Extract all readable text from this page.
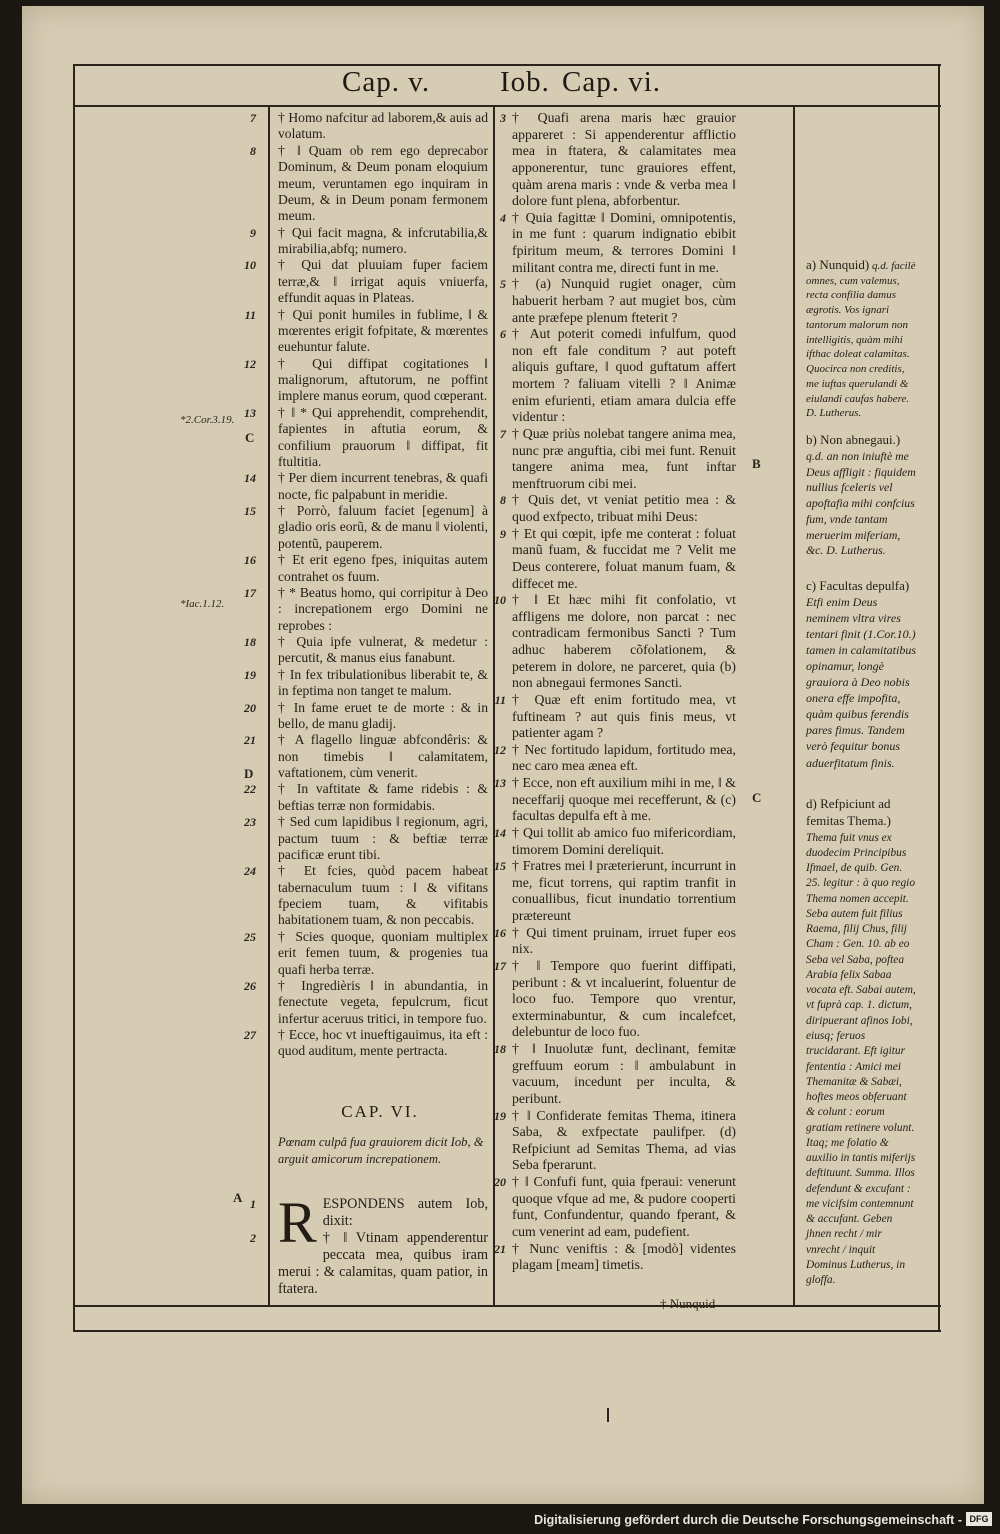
Cap. v. Iob. Cap. vi.
C
D
A
B
C
*2.Cor.3.19.
*Iac.1.12.
7 † Homo nafcitur ad laborem,& auis ad volatum.
8 † ‖ Quam ob rem ego deprecabor Dominum, & Deum ponam eloquium meum, veruntamen ego inquiram in Deum, & in Deum ponam fermonem meum.
9 † Qui facit magna, & infcrutabilia,& mirabilia,abfq; numero.
10 † Qui dat pluuiam fuper faciem terræ,& ‖ irrigat aquis vniuerfa, effundit aquas in Plateas.
11 † Qui ponit humiles in fublime, ‖ & mœrentes erigit fofpitate, & mœrentes euehuntur falute.
12 † Qui diffipat cogitationes ‖ malignorum, aftutorum, ne poffint implere manus eorum, quod cœperant.
13 † ‖ * Qui apprehendit, comprehendit, fapientes in aftutia eorum, & confilium prauorum ‖ diffipat, fit ftultitia.
14 † Per diem incurrent tenebras, & quafi nocte, fic palpabunt in meridie.
15 † Porrò, faluum faciet [egenum] à gladio oris eorũ, & de manu ‖ violenti, potentũ, pauperem.
16 † Et erit egeno fpes, iniquitas autem contrahet os fuum.
17 † * Beatus homo, qui corripitur à Deo : increpationem ergo Domini ne reprobes :
18 † Quia ipfe vulnerat, & medetur : percutit, & manus eius fanabunt.
19 † In fex tribulationibus liberabit te, & in feptima non tanget te malum.
20 † In fame eruet te de morte : & in bello, de manu gladij.
21 † A flagello linguæ abfcondêris: & non timebis ‖ calamitatem, vaftationem, cùm venerit.
22 † In vaftitate & fame ridebis : & beftias terræ non formidabis.
23 † Sed cum lapidibus ‖ regionum, agri, pactum tuum : & beftiæ terræ pacificæ erunt tibi.
24 † Et fcies, quòd pacem habeat tabernaculum tuum : ‖ & vifitans fpeciem tuam, & vifitabis habitationem tuam, & non peccabis.
25 † Scies quoque, quoniam multiplex erit femen tuum, & progenies tua quafi herba terræ.
26 † Ingredièris ‖ in abundantia, in fenectute vegeta, fepulcrum, ficut infertur aceruus tritici, in tempore fuo.
27 † Ecce, hoc vt inueftigauimus, ita eft : quod auditum, mente pertracta.
CAP. VI.
Pœnam culpâ fua grauiorem dicit Iob, & arguit amicorum increpationem.
1 R ESPONDENS autem Iob, dixit:
2	† ‖ Vtinam appenderentur peccata mea, quibus iram merui : & calamitas, quam patior, in ftatera.
3 † Quafi arena maris hæc grauior appareret : Si appenderentur afflictio mea in ftatera, & calamitates mea apponerentur, tunc grauiores effent, quàm arena maris : vnde & verba mea ‖ dolore funt plena, abforbentur.
4 † Quia fagittæ ‖ Domini, omnipotentis, in me funt : quarum indignatio ebibit fpiritum meum, & terrores Domini ‖ militant contra me, directi funt in me.
5 † (a) Nunquid rugiet onager, cùm habuerit herbam ? aut mugiet bos, cùm ante præfepe plenum fteterit ?
6 † Aut poterit comedi infulfum, quod non eft fale conditum ? aut poteft aliquis guftare, ‖ quod guftatum affert mortem ? faliuam vitelli ? ‖ Animæ enim efurienti, etiam amara dulcia effe videntur :
7 † Quæ priùs nolebat tangere anima mea, nunc præ anguftia, cibi mei funt. Renuit tangere anima mea, funt inftar menftruorum cibi mei.
8 † Quis det, vt veniat petitio mea : & quod exfpecto, tribuat mihi Deus:
9 † Et qui cœpit, ipfe me conterat : foluat manũ fuam, & fuccidat me ? Velit me Deus conterere, foluat manum fuam, & diffecet me.
10 † ‖ Et hæc mihi fit confolatio, vt affligens me dolore, non parcat : nec contradicam fermonibus Sancti ? Tum adhuc haberem cõfolationem, & peterem in dolore, ne parceret, quia (b) non abnegaui fermones Sancti.
11 † Quæ eft enim fortitudo mea, vt fuftineam ? aut quis finis meus, vt patienter agam ?
12 † Nec fortitudo lapidum, fortitudo mea, nec caro mea ænea eft.
13 † Ecce, non eft auxilium mihi in me, ‖ & neceffarij quoque mei recefferunt, & (c) facultas depulfa eft à me.
14 † Qui tollit ab amico fuo mifericordiam, timorem Domini dereliquit.
15 † Fratres mei ‖ præterierunt, incurrunt in me, ficut torrens, qui raptim tranfit in conuallibus, ficut inundatio torrentium prætereunt
16 † Qui timent pruinam, irruet fuper eos nix.
17 † ‖ Tempore quo fuerint diffipati, peribunt : & vt incaluerint, foluentur de loco fuo. Tempore quo vrentur, exterminabuntur, & cum incalefcet, delebuntur de loco fuo.
18 † ‖ Inuolutæ funt, declinant, femitæ greffuum eorum : ‖ ambulabunt in vacuum, incedunt per inculta, & peribunt.
19 † ‖ Confiderate femitas Thema, itinera Saba, & exfpectate paulifper. (d) Refpiciunt ad Semitas Thema, ad vias Seba fperarunt.
20 † ‖ Confufi funt, quia fperaui: venerunt quoque vfque ad me, & pudore cooperti funt, Confundentur, quando fperant, & cum venerint ad eam, pudefient.
21 † Nunc veniftis : & [modò] videntes plagam [meam] timetis.
† Nunquid
a) Nunquid) q.d. facilè omnes, cum valemus, recta confilia damus ægrotis. Vos ignari tantorum malorum non intelligitis, quàm mihi ifthac doleat calamitas. Quocirca non creditis, me iuftas querulandi & eiulandi caufas habere. D. Lutherus.
b) Non abnegaui.) q.d. an non iniuftè me Deus affligit : fiquidem nullius fceleris vel apoftafia mihi confcius fum, vnde tantam meruerim miferiam, &c. D. Lutherus.
c) Facultas depulfa) Etfi enim Deus neminem vltra vires tentari finit (1.Cor.10.) tamen in calamitatibus opinamur, longè grauiora à Deo nobis onera effe impofita, quàm quibus ferendis pares fimus. Tandem verò fequitur bonus aduerfitatum finis.
d) Refpiciunt ad femitas Thema.) Thema fuit vnus ex duodecim Principibus Ifmael, de quib. Gen. 25. legitur : à quo regio Thema nomen accepit. Seba autem fuit filius Raema, filij Chus, filij Cham : Gen. 10. ab eo Seba vel Saba, poftea Arabia felix Sabaa vocata eft. Sabai autem, vt fuprà cap. 1. dictum, diripuerant afinos Iobi, eiusq; feruos trucidarant. Eft igitur fententia : Amici mei Themanitæ & Sabæi, hoftes meos obferuant & colunt : eorum gratiam retinere volunt. Itaq; me folatio & auxilio in tantis miferijs deftituunt. Summa. Illos defendunt & excufant : me vicifsim contemnunt & accufant. Geben jhnen recht / mir vnrecht / inquit Dominus Lutherus, in gloffa.
Digitalisierung gefördert durch die Deutsche Forschungsgemeinschaft - DFG
